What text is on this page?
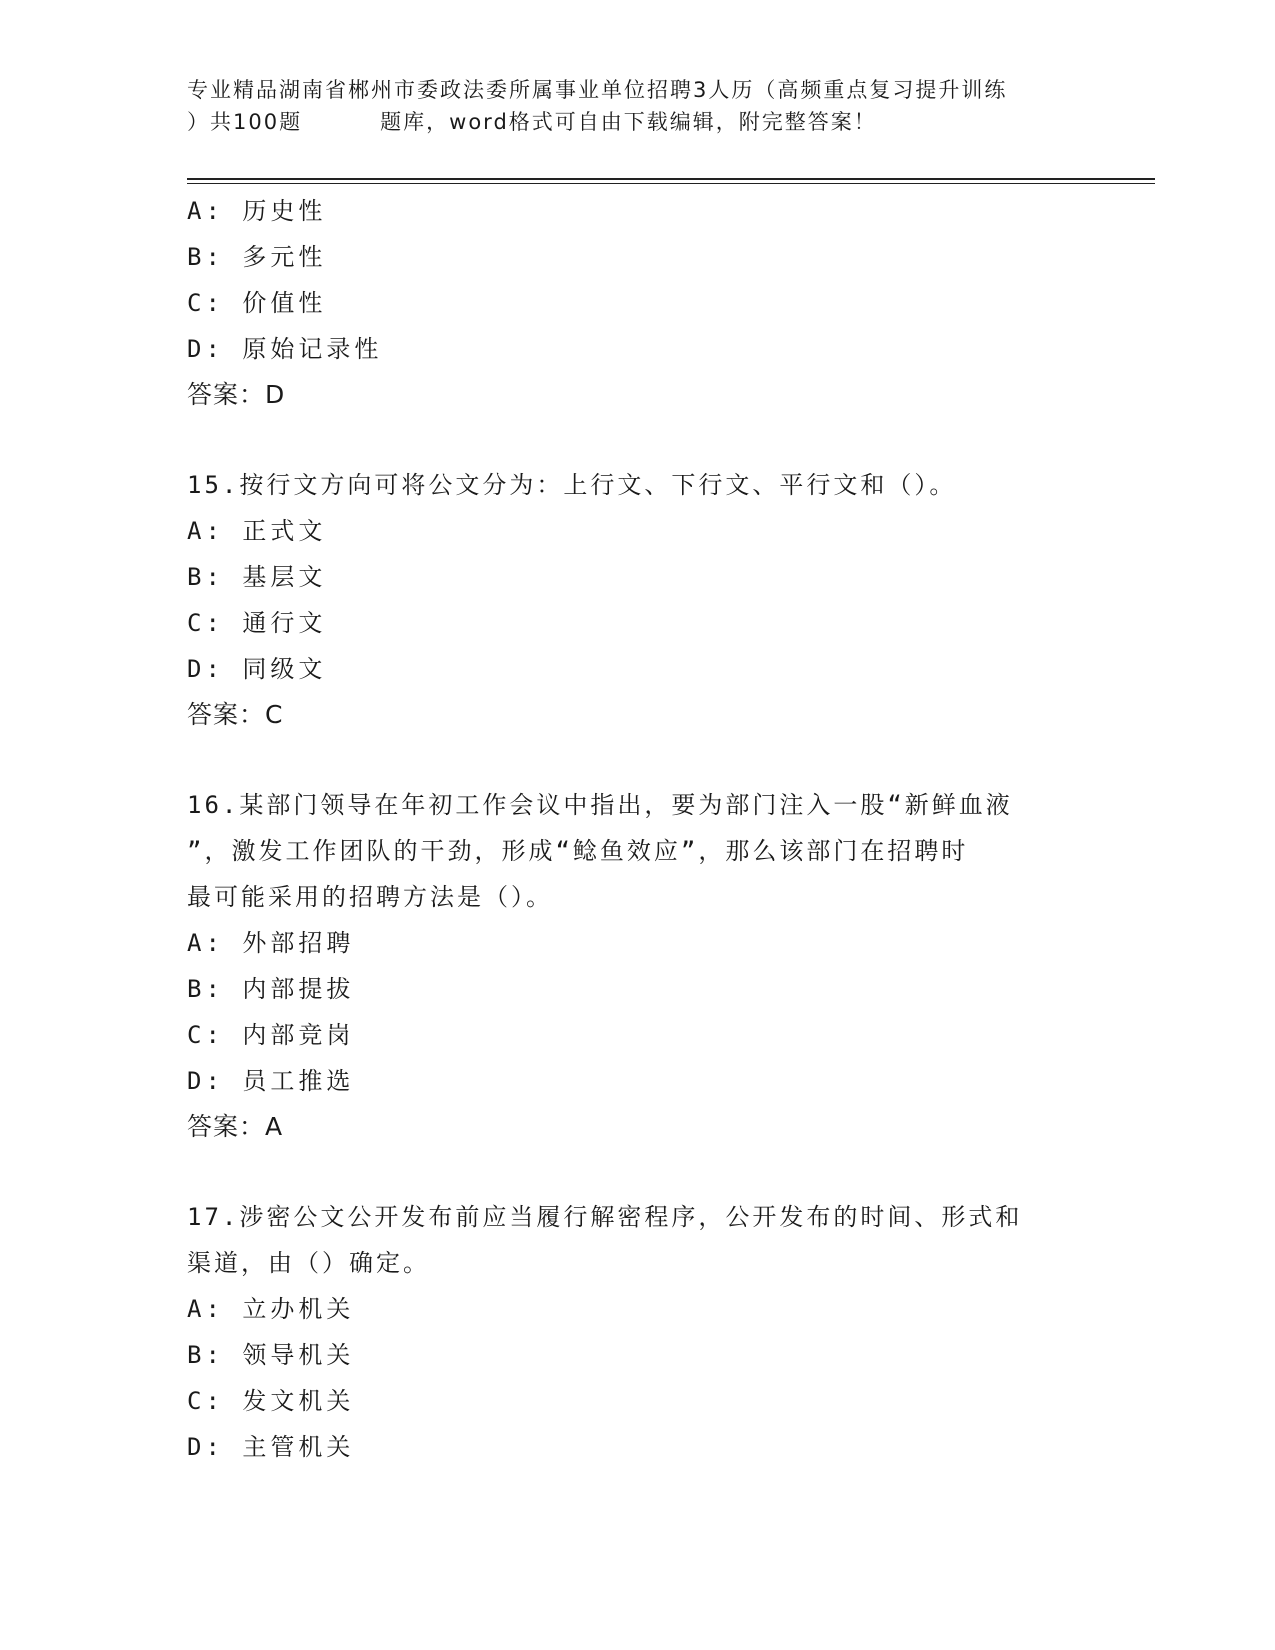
专业精品湖南省郴州市委政法委所属事业单位招聘3人历（高频重点复习提升训练
）共100题         题库，word格式可自由下载编辑，附完整答案！
A: 历史性
B: 多元性
C: 价值性
D: 原始记录性
答案：D
15.按行文方向可将公文分为：上行文、下行文、平行文和（）。
A: 正式文
B: 基层文
C: 通行文
D: 同级文
答案：C
16.某部门领导在年初工作会议中指出，要为部门注入一股“新鲜血液
”，激发工作团队的干劲，形成“鲶鱼效应”，那么该部门在招聘时
最可能采用的招聘方法是（）。
A: 外部招聘
B: 内部提拔
C: 内部竞岗
D: 员工推选
答案：A
17.涉密公文公开发布前应当履行解密程序，公开发布的时间、形式和
渠道，由（）确定。
A: 立办机关
B: 领导机关
C: 发文机关
D: 主管机关
